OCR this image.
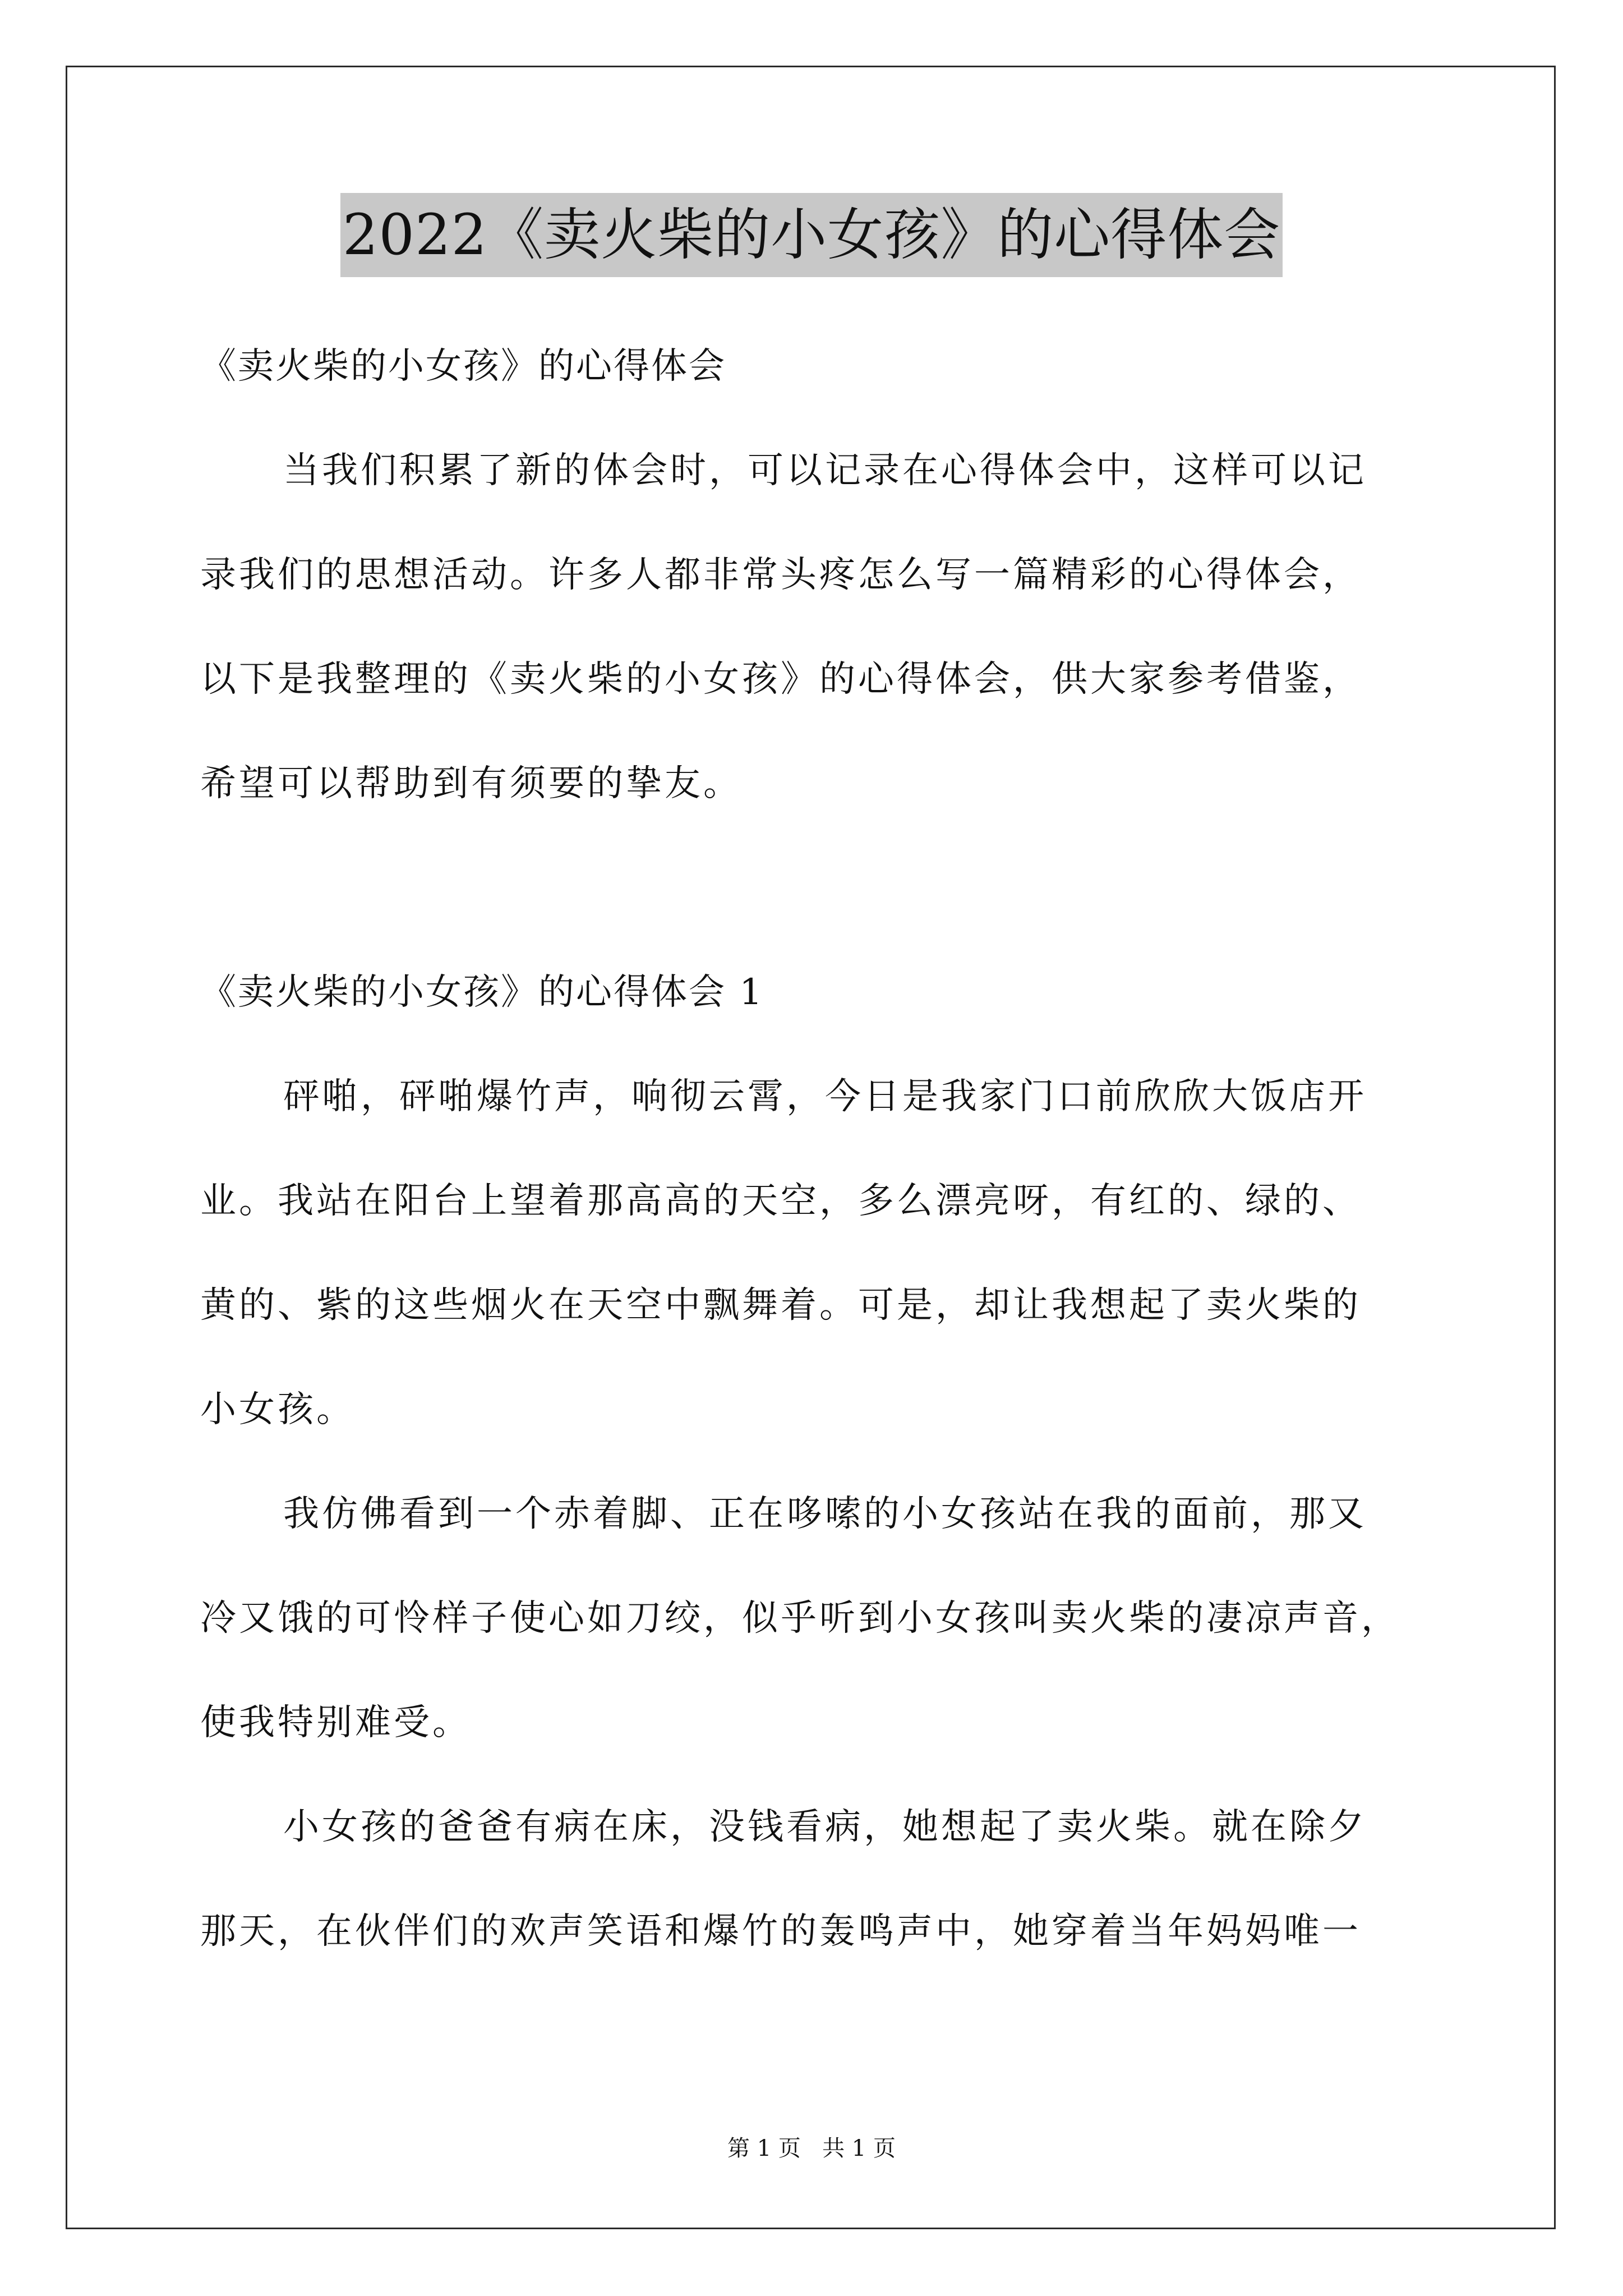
2022《卖火柴的小女孩》的心得体会
《卖火柴的小女孩》的心得体会
当我们积累了新的体会时，可以记录在心得体会中，这样可以记
录我们的思想活动。许多人都非常头疼怎么写一篇精彩的心得体会，
以下是我整理的《卖火柴的小女孩》的心得体会，供大家参考借鉴，
希望可以帮助到有须要的挚友。
《卖火柴的小女孩》的心得体会 1
砰啪，砰啪爆竹声，响彻云霄，今日是我家门口前欣欣大饭店开
业。我站在阳台上望着那高高的天空，多么漂亮呀，有红的、绿的、
黄的、紫的这些烟火在天空中飘舞着。可是，却让我想起了卖火柴的
小女孩。
我仿佛看到一个赤着脚、正在哆嗦的小女孩站在我的面前，那又
冷又饿的可怜样子使心如刀绞，似乎听到小女孩叫卖火柴的凄凉声音，
使我特别难受。
小女孩的爸爸有病在床，没钱看病，她想起了卖火柴。就在除夕
那天，在伙伴们的欢声笑语和爆竹的轰鸣声中，她穿着当年妈妈唯一
第 1 页   共 1 页
